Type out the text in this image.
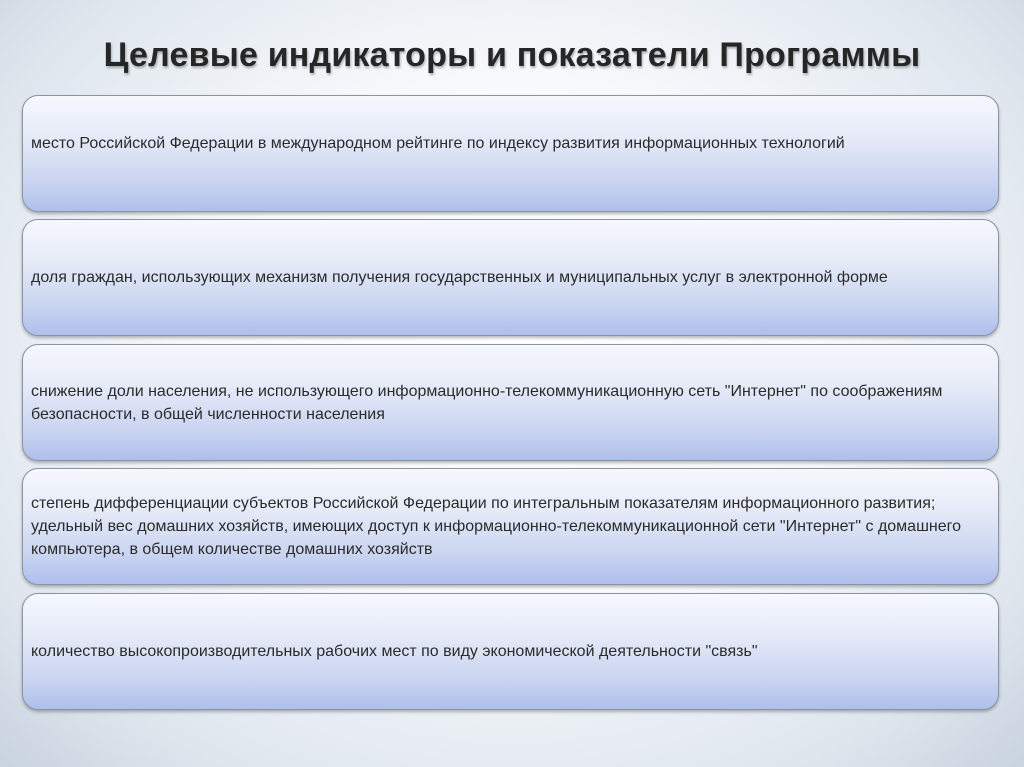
Целевые индикаторы и показатели Программы
место Российской Федерации в международном рейтинге по индексу развития информационных технологий
доля граждан, использующих механизм получения государственных и муниципальных услуг в электронной форме
снижение доли населения, не использующего информационно-телекоммуникационную сеть "Интернет" по соображениям безопасности, в общей численности населения
степень дифференциации субъектов Российской Федерации по интегральным показателям информационного развития; удельный вес домашних хозяйств, имеющих доступ к информационно-телекоммуникационной сети "Интернет" с домашнего компьютера, в общем количестве домашних хозяйств
количество высокопроизводительных рабочих мест по виду экономической деятельности "связь"
